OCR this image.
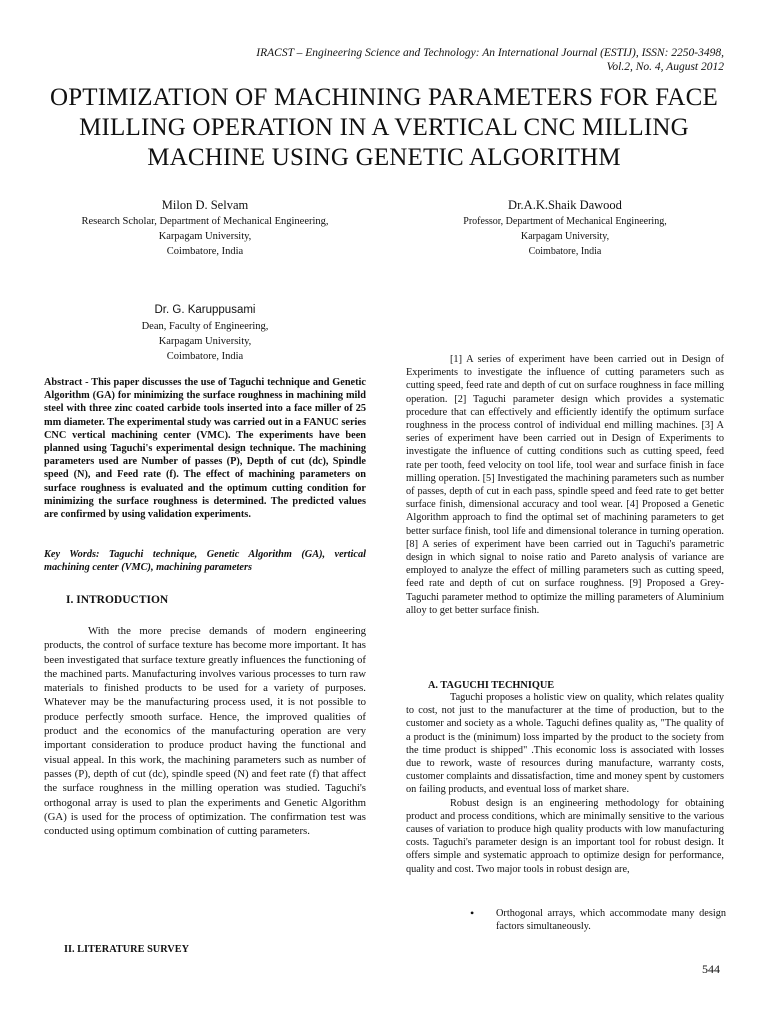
IRACST – Engineering Science and Technology: An International Journal (ESTIJ), ISSN: 2250-3498,
Vol.2, No. 4, August 2012
OPTIMIZATION OF MACHINING PARAMETERS FOR FACE
MILLING OPERATION IN A VERTICAL CNC MILLING
MACHINE USING GENETIC ALGORITHM
Milon D. Selvam
Research Scholar, Department of Mechanical Engineering,
Karpagam University,
Coimbatore, India
Dr.A.K.Shaik Dawood
Professor, Department of Mechanical Engineering,
Karpagam University,
Coimbatore, India
Dr. G. Karuppusami
Dean, Faculty of Engineering,
Karpagam University,
Coimbatore, India
Abstract - This paper discusses the use of Taguchi technique and Genetic Algorithm (GA) for minimizing the surface roughness in machining mild steel with three zinc coated carbide tools inserted into a face miller of 25 mm diameter. The experimental study was carried out in a FANUC series CNC vertical machining center (VMC). The experiments have been planned using Taguchi's experimental design technique. The machining parameters used are Number of passes (P), Depth of cut (dc), Spindle speed (N), and Feed rate (f). The effect of machining parameters on surface roughness is evaluated and the optimum cutting condition for minimizing the surface roughness is determined. The predicted values are confirmed by using validation experiments.
Key Words: Taguchi technique, Genetic Algorithm (GA), vertical machining center (VMC), machining parameters
I. INTRODUCTION
With the more precise demands of modern engineering products, the control of surface texture has become more important. It has been investigated that surface texture greatly influences the functioning of the machined parts. Manufacturing involves various processes to turn raw materials to finished products to be used for a variety of purposes. Whatever may be the manufacturing process used, it is not possible to produce perfectly smooth surface. Hence, the improved qualities of product and the economics of the manufacturing operation are very important consideration to produce product having the functional and visual appeal. In this work, the machining parameters such as number of passes (P), depth of cut (dc), spindle speed (N) and feet rate (f) that affect the surface roughness in the milling operation was studied. Taguchi's orthogonal array is used to plan the experiments and Genetic Algorithm (GA) is used for the process of optimization. The confirmation test was conducted using optimum combination of cutting parameters.
II. LITERATURE SURVEY
[1] A series of experiment have been carried out in Design of Experiments to investigate the influence of cutting parameters such as cutting speed, feed rate and depth of cut on surface roughness in face milling operation. [2] Taguchi parameter design which provides a systematic procedure that can effectively and efficiently identify the optimum surface roughness in the process control of individual end milling machines. [3] A series of experiment have been carried out in Design of Experiments to investigate the influence of cutting conditions such as cutting speed, feed rate per tooth, feed velocity on tool life, tool wear and surface finish in face milling operation. [5] Investigated the machining parameters such as number of passes, depth of cut in each pass, spindle speed and feed rate to get better surface finish, dimensional accuracy and tool wear. [4] Proposed a Genetic Algorithm approach to find the optimal set of machining parameters to get better surface finish, tool life and dimensional tolerance in turning operation. [8] A series of experiment have been carried out in Taguchi's parametric design in which signal to noise ratio and Pareto analysis of variance are employed to analyze the effect of milling parameters such as cutting speed, feed rate and depth of cut on surface roughness. [9] Proposed a Grey-Taguchi parameter method to optimize the milling parameters of Aluminium alloy to get better surface finish.
A. TAGUCHI TECHNIQUE
Taguchi proposes a holistic view on quality, which relates quality to cost, not just to the manufacturer at the time of production, but to the customer and society as a whole. Taguchi defines quality as, "The quality of a product is the (minimum) loss imparted by the product to the society from the time product is shipped" .This economic loss is associated with losses due to rework, waste of resources during manufacture, warranty costs, customer complaints and dissatisfaction, time and money spent by customers on failing products, and eventual loss of market share.
Robust design is an engineering methodology for obtaining product and process conditions, which are minimally sensitive to the various causes of variation to produce high quality products with low manufacturing costs. Taguchi's parameter design is an important tool for robust design. It offers simple and systematic approach to optimize design for performance, quality and cost. Two major tools in robust design are,
• Orthogonal arrays, which accommodate many design factors simultaneously.
544
